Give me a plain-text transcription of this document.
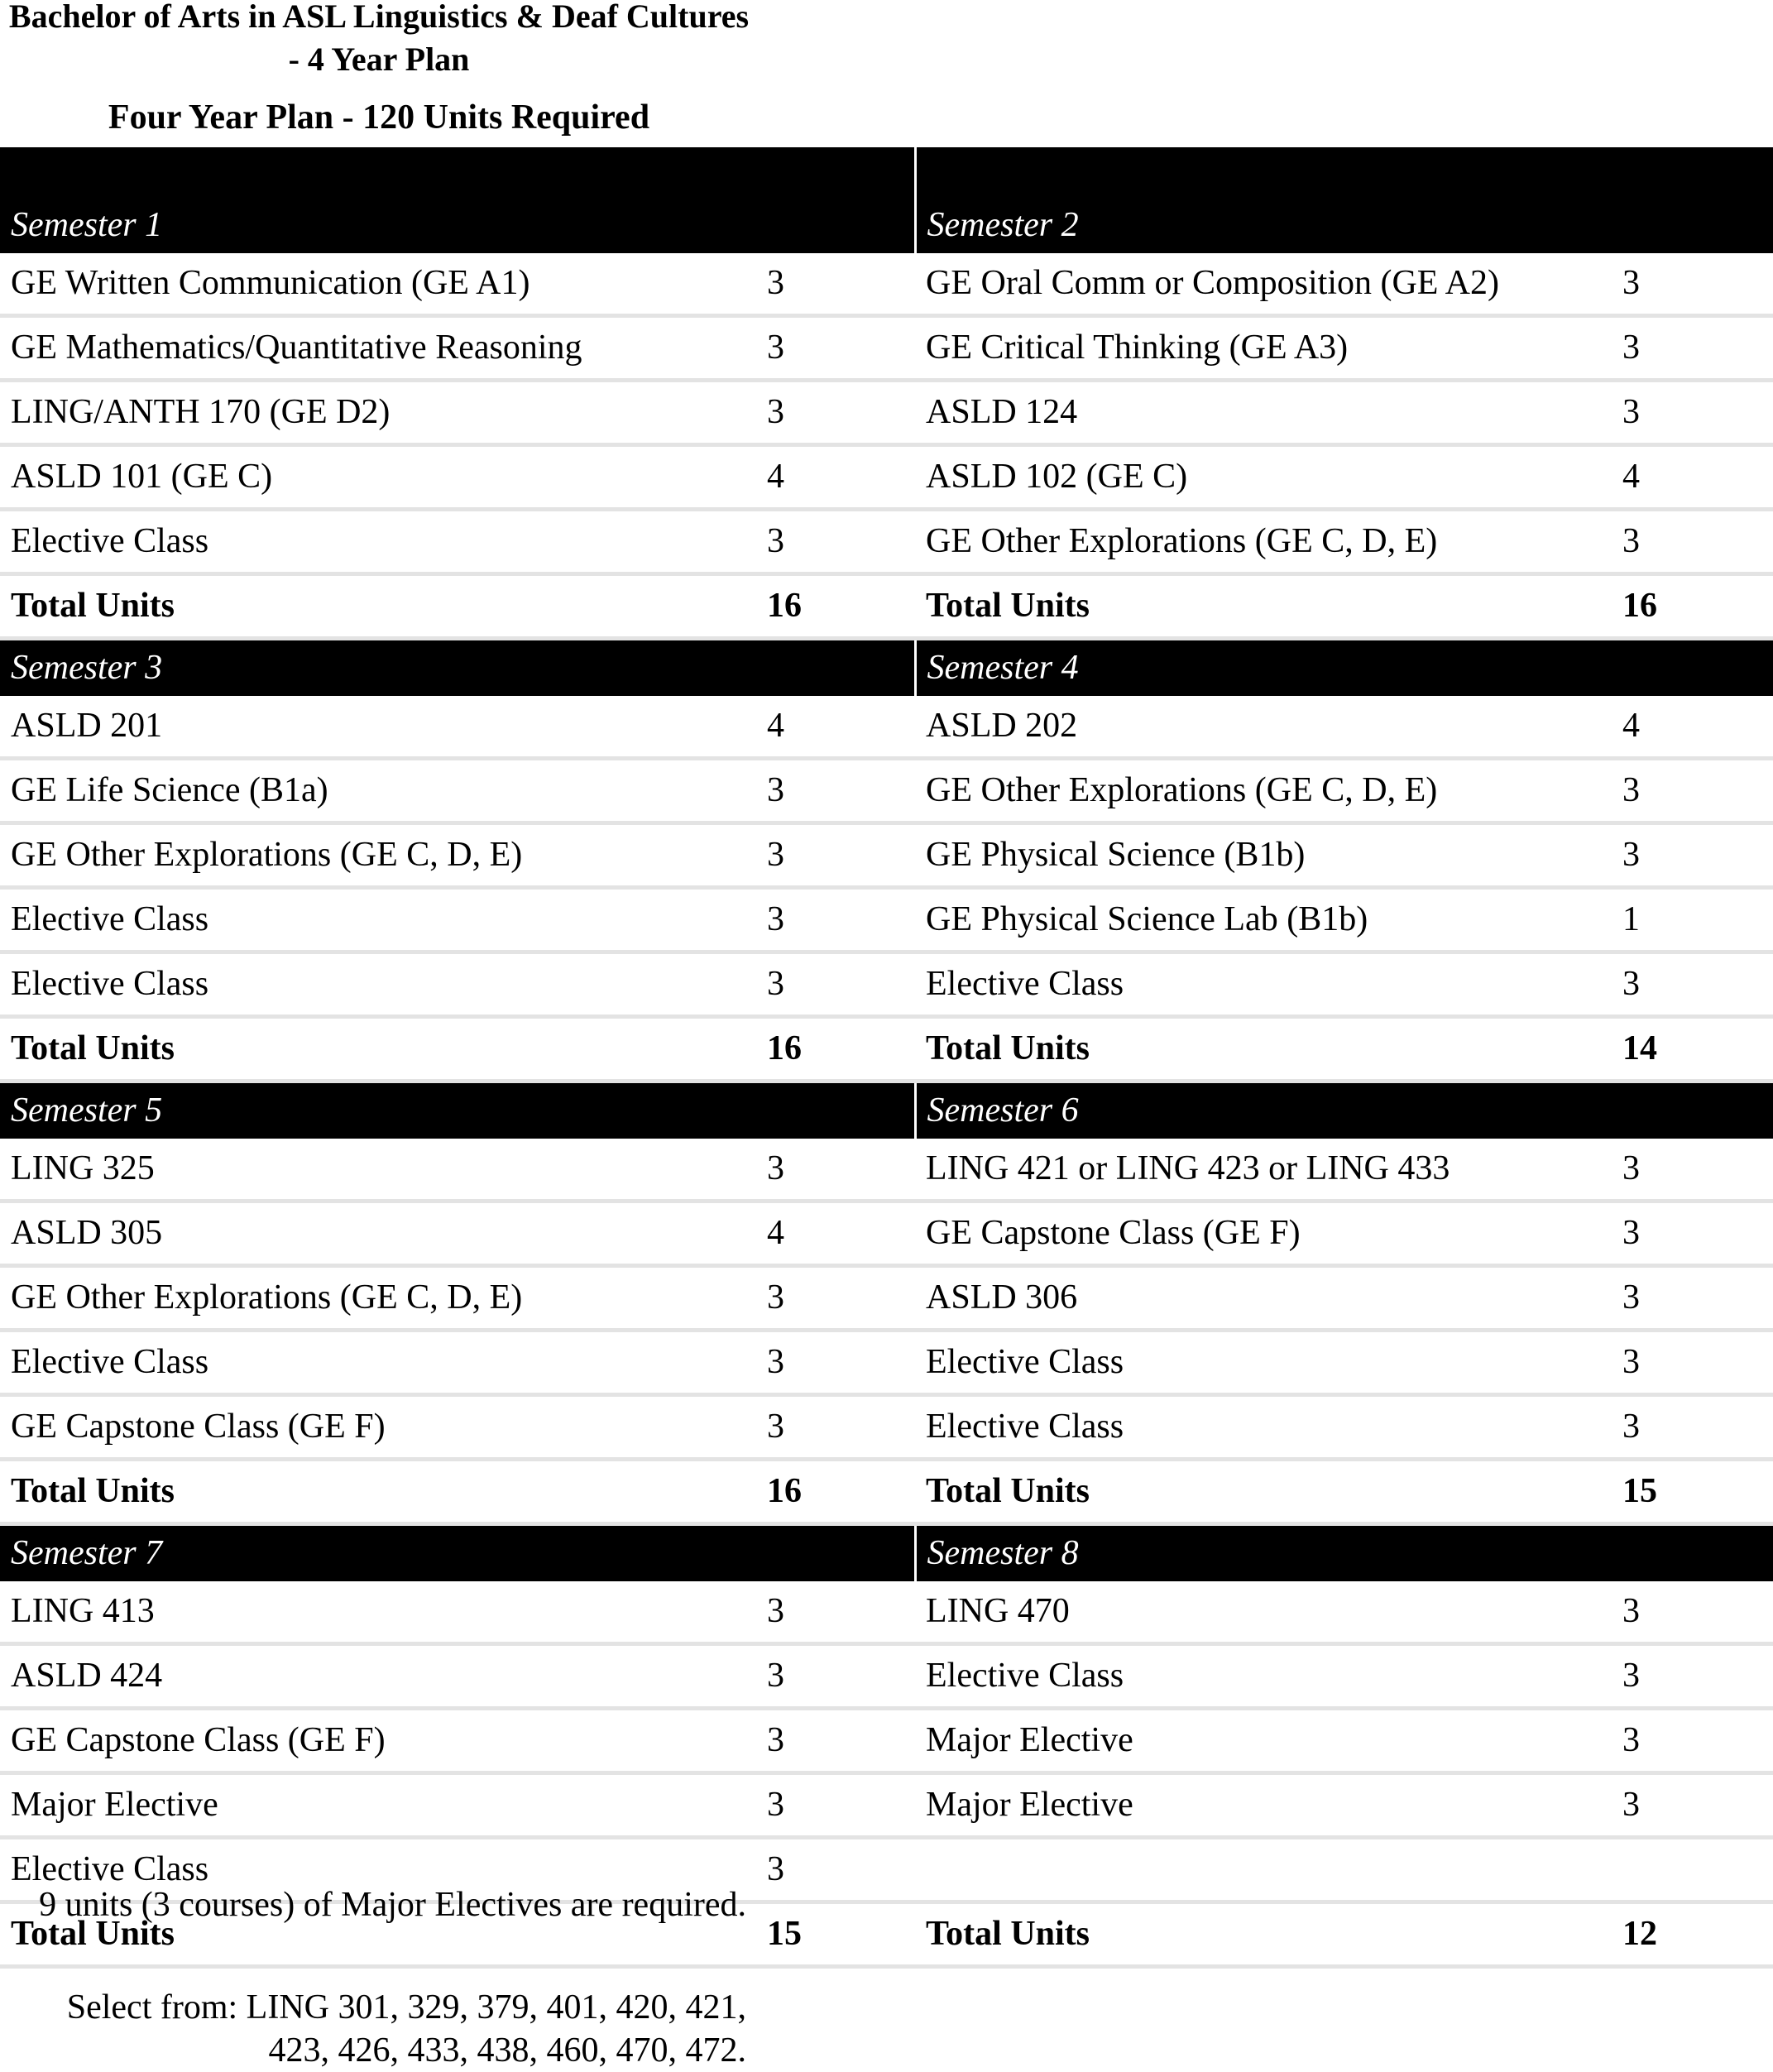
Bachelor of Arts in ASL Linguistics & Deaf Cultures - 4 Year Plan
Four Year Plan - 120 Units Required

Semester 1			Semester 2	
GE Written Communication (GE A1)	3		GE Oral Comm or Composition (GE A2)	3
GE Mathematics/Quantitative Reasoning	3		GE Critical Thinking (GE A3)	3
LING/ANTH 170 (GE D2)	3		ASLD 124	3
ASLD 101 (GE C)	4		ASLD 102 (GE C)	4
Elective Class	3		GE Other Explorations (GE C, D, E)	3
Total Units	16		Total Units	16
Semester 3			Semester 4	
ASLD 201	4		ASLD 202	4
GE Life Science (B1a)	3		GE Other Explorations (GE C, D, E)	3
GE Other Explorations (GE C, D, E)	3		GE Physical Science (B1b)	3
Elective Class	3		GE Physical Science Lab (B1b)	1
Elective Class	3		Elective Class	3
Total Units	16		Total Units	14
Semester 5			Semester 6	
LING 325	3		LING 421 or LING 423 or LING 433	3
ASLD 305	4		GE Capstone Class (GE F)	3
GE Other Explorations (GE C, D, E)	3		ASLD 306	3
Elective Class	3		Elective Class	3
GE Capstone Class (GE F)	3		Elective Class	3
Total Units	16		Total Units	15
Semester 7			Semester 8	
LING 413	3		LING 470	3
ASLD 424	3		Elective Class	3
GE Capstone Class (GE F)	3		Major Elective	3
Major Elective	3		Major Elective	3
Elective Class	3			
Total Units	15		Total Units	12

9 units (3 courses) of Major Electives are required.

Select from: LING 301, 329, 379, 401, 420, 421, 423, 426, 433, 438, 460, 470, 472.
